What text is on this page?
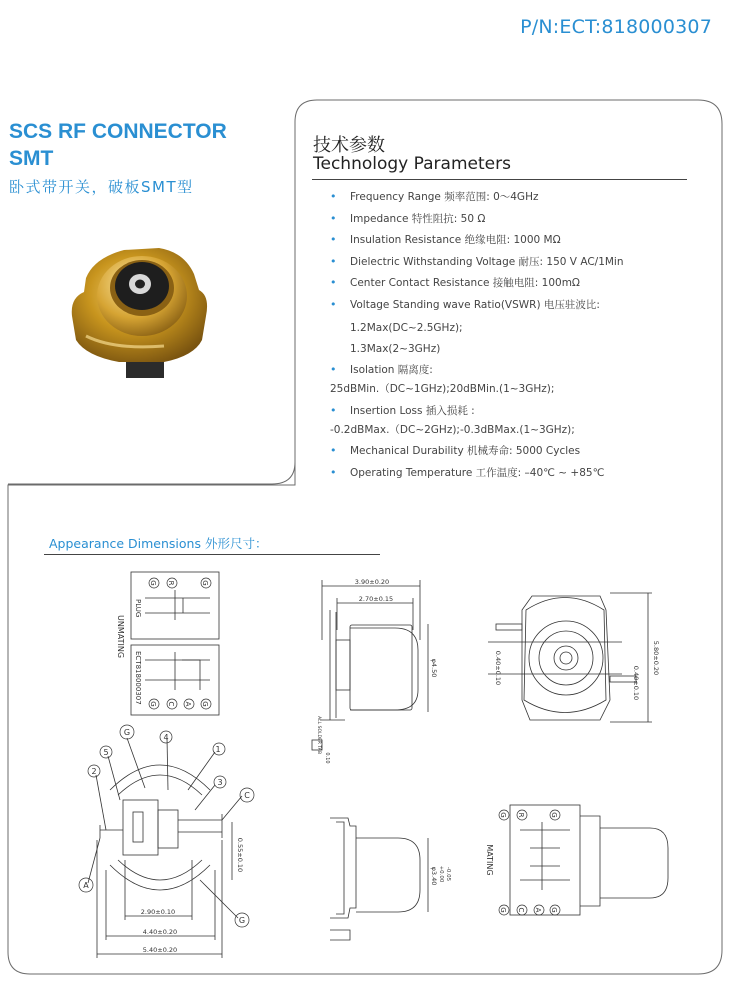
P/N:ECT:818000307
SCS RF CONNECTOR
SMT
卧式带开关，破板SMT型
技术参数
Technology Parameters
• Frequency Range 频率范围: 0～4GHz
• Impedance 特性阻抗: 50 Ω
• Insulation Resistance 绝缘电阻: 1000 MΩ
• Dielectric Withstanding Voltage 耐压: 150 V AC/1Min
• Center Contact Resistance 接触电阻: 100mΩ
• Voltage Standing wave Ratio(VSWR) 电压驻波比:
1.2Max(DC~2.5GHz);
1.3Max(2~3GHz)
• Isolation 隔离度:
25dBMin.（DC~1GHz);20dBMin.(1~3GHz);
• Insertion Loss 插入损耗 :
-0.2dBMax.（DC~2GHz);-0.3dBMax.(1~3GHz);
• Mechanical Durability 机械寿命: 5000 Cycles
• Operating Temperature 工作温度: –40℃ ~ +85℃
Appearance Dimensions 外形尺寸：
G R	G
G C A G
UNMATING
PLUG
ECT818000307
1
2
3
4
5
G
C
A
G
2.90±0.10
4.40±0.20
5.40±0.20
0.55±0.10
3.90±0.20
2.70±0.15
φ4.50
ALL SOLDER TAB
0.10
5.80±0.20
0.40±0.10	0.40±0.10
φ3.40 +0.00 -0.05
G R	G
G C A G
MATING
